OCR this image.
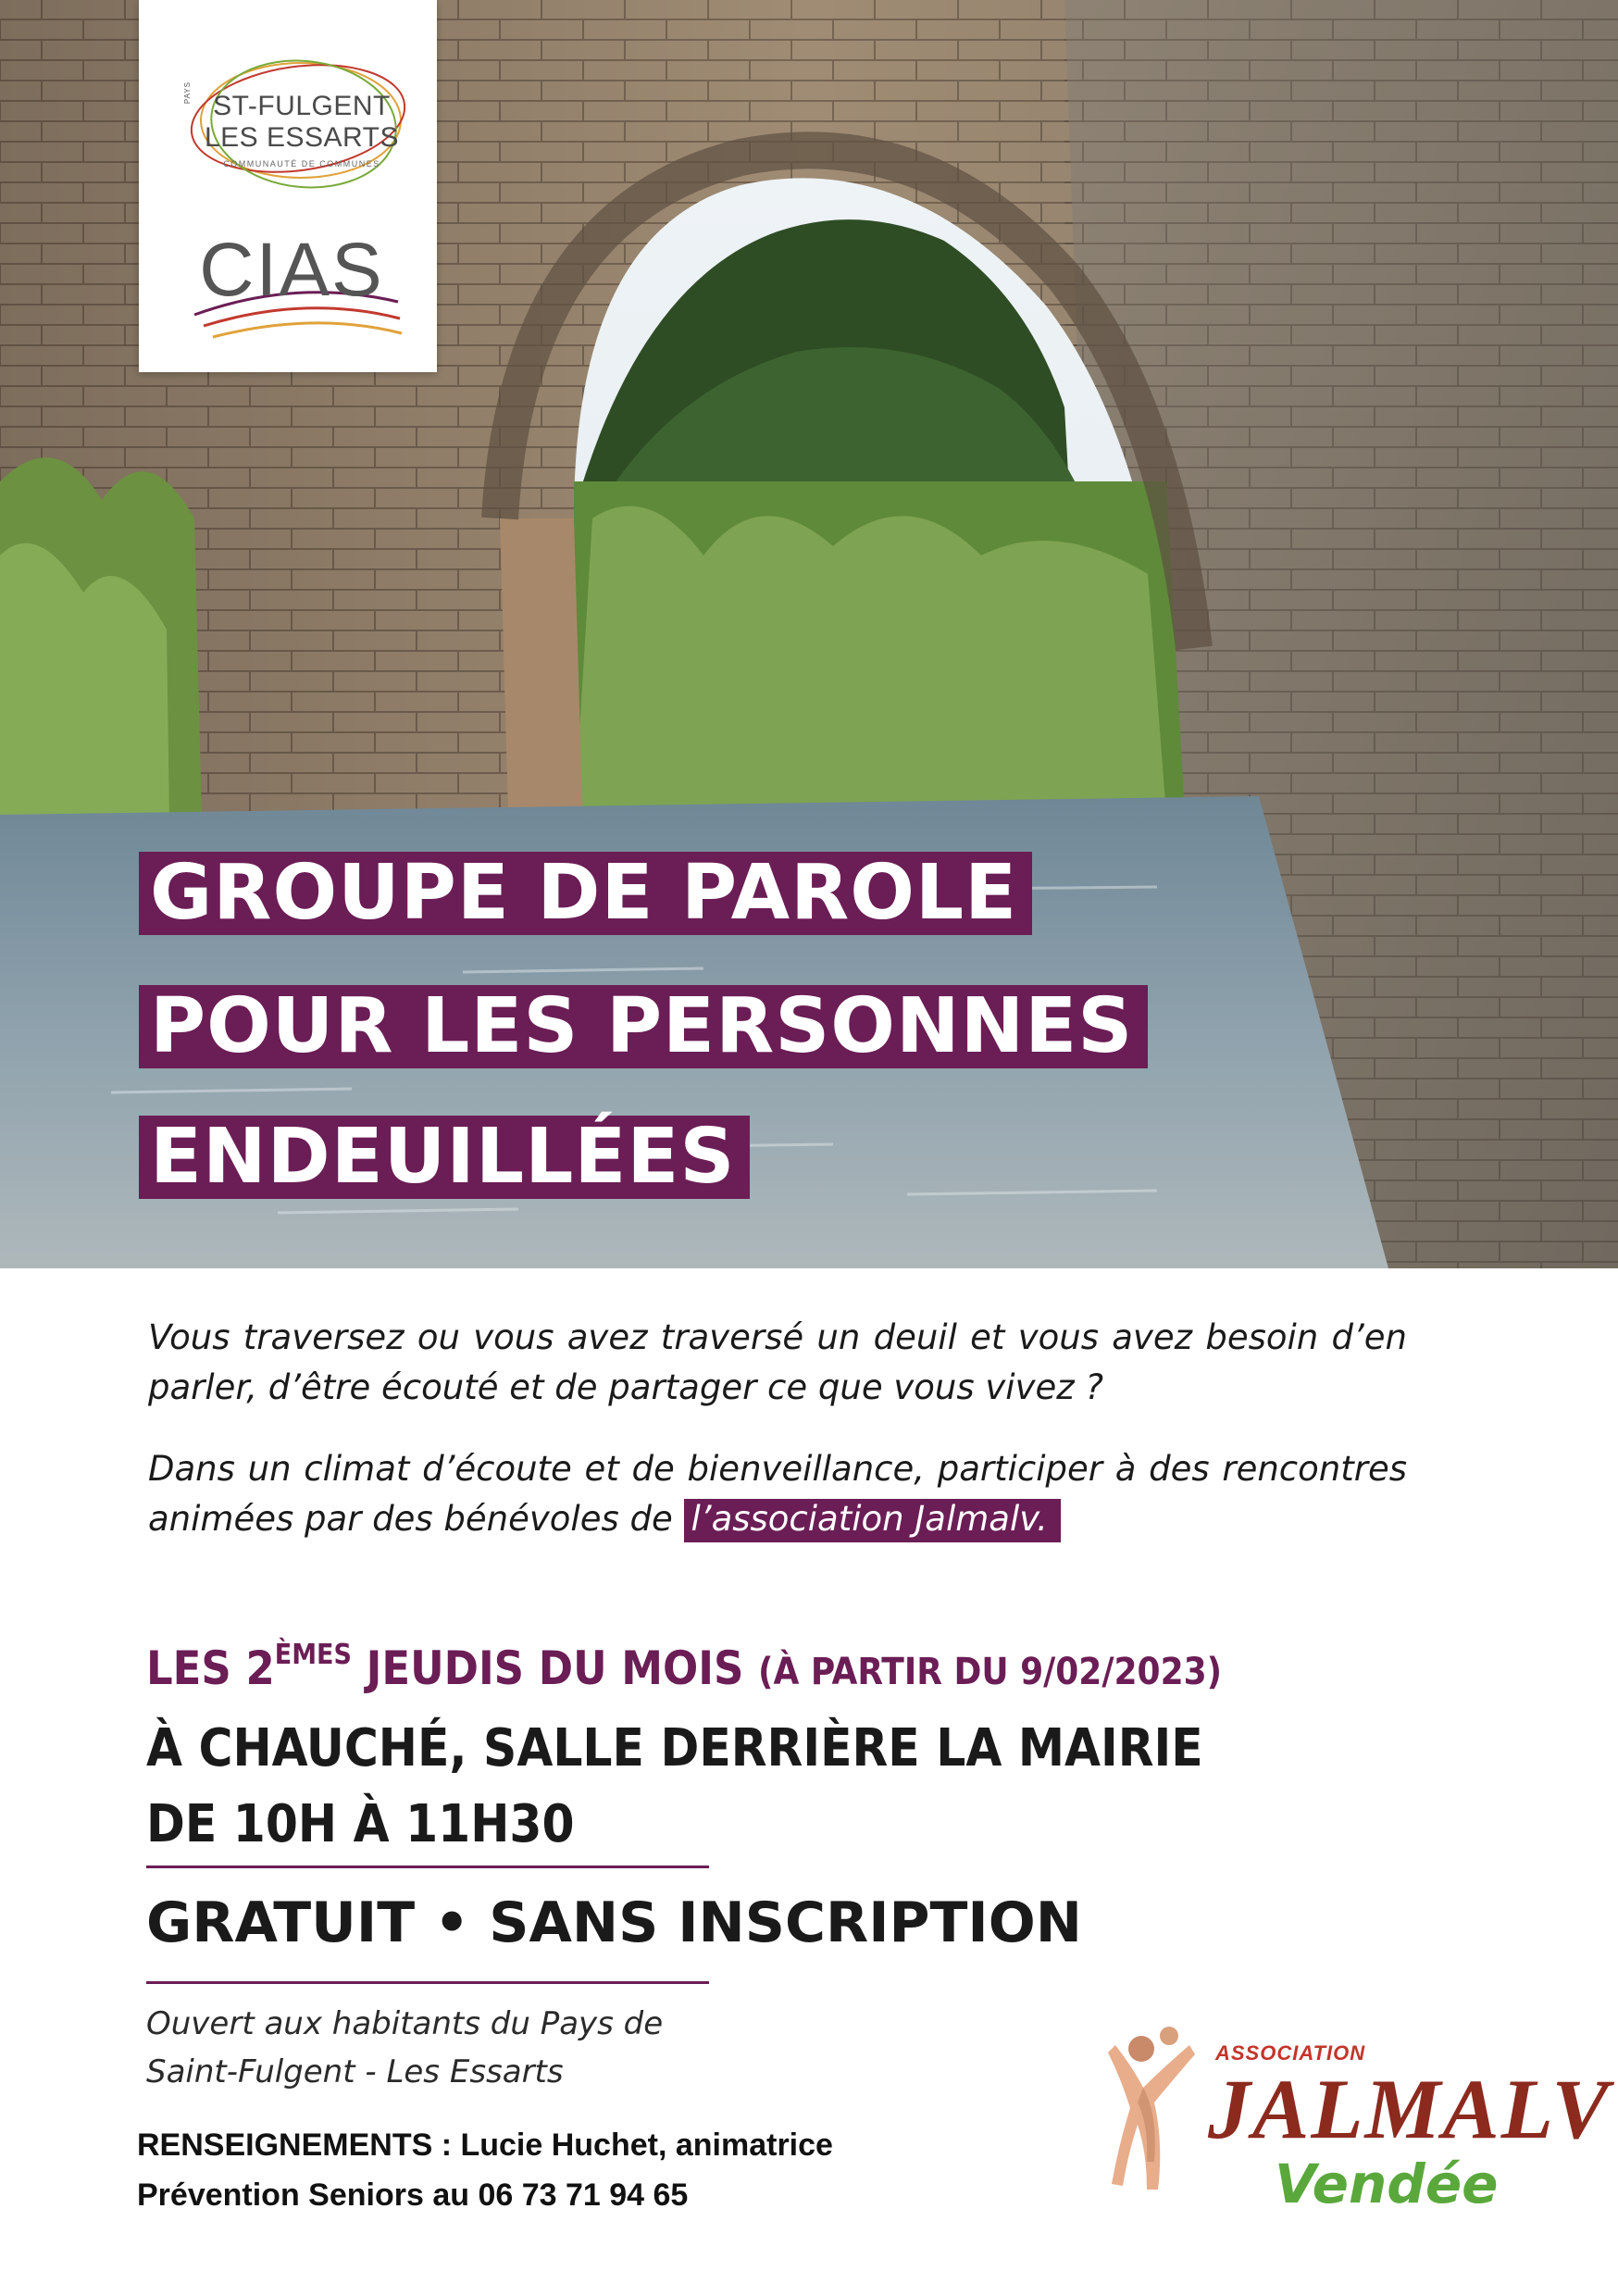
PAYS ST-FULGENT
LES ESSARTS
COMMUNAUTÉ DE COMMUNES
CIAS
GROUPE DE PAROLE
POUR LES PERSONNES
ENDEUILLÉES
Vous traversez ou vous avez traversé un deuil et vous avez besoin d’en parler, d’être écouté et de partager ce que vous vivez ?
Dans un climat d’écoute et de bienveillance, participer à des rencontres animées par des bénévoles de l’association Jalmalv.
LES 2ÈMES JEUDIS DU MOIS (À PARTIR DU 9/02/2023)
À CHAUCHÉ, SALLE DERRIÈRE LA MAIRIE
DE 10H À 11H30
GRATUIT • SANS INSCRIPTION
Ouvert aux habitants du Pays de
Saint-Fulgent - Les Essarts
RENSEIGNEMENTS : Lucie Huchet, animatrice
Prévention Seniors au 06 73 71 94 65
ASSOCIATION
JALMALV
Vendée
